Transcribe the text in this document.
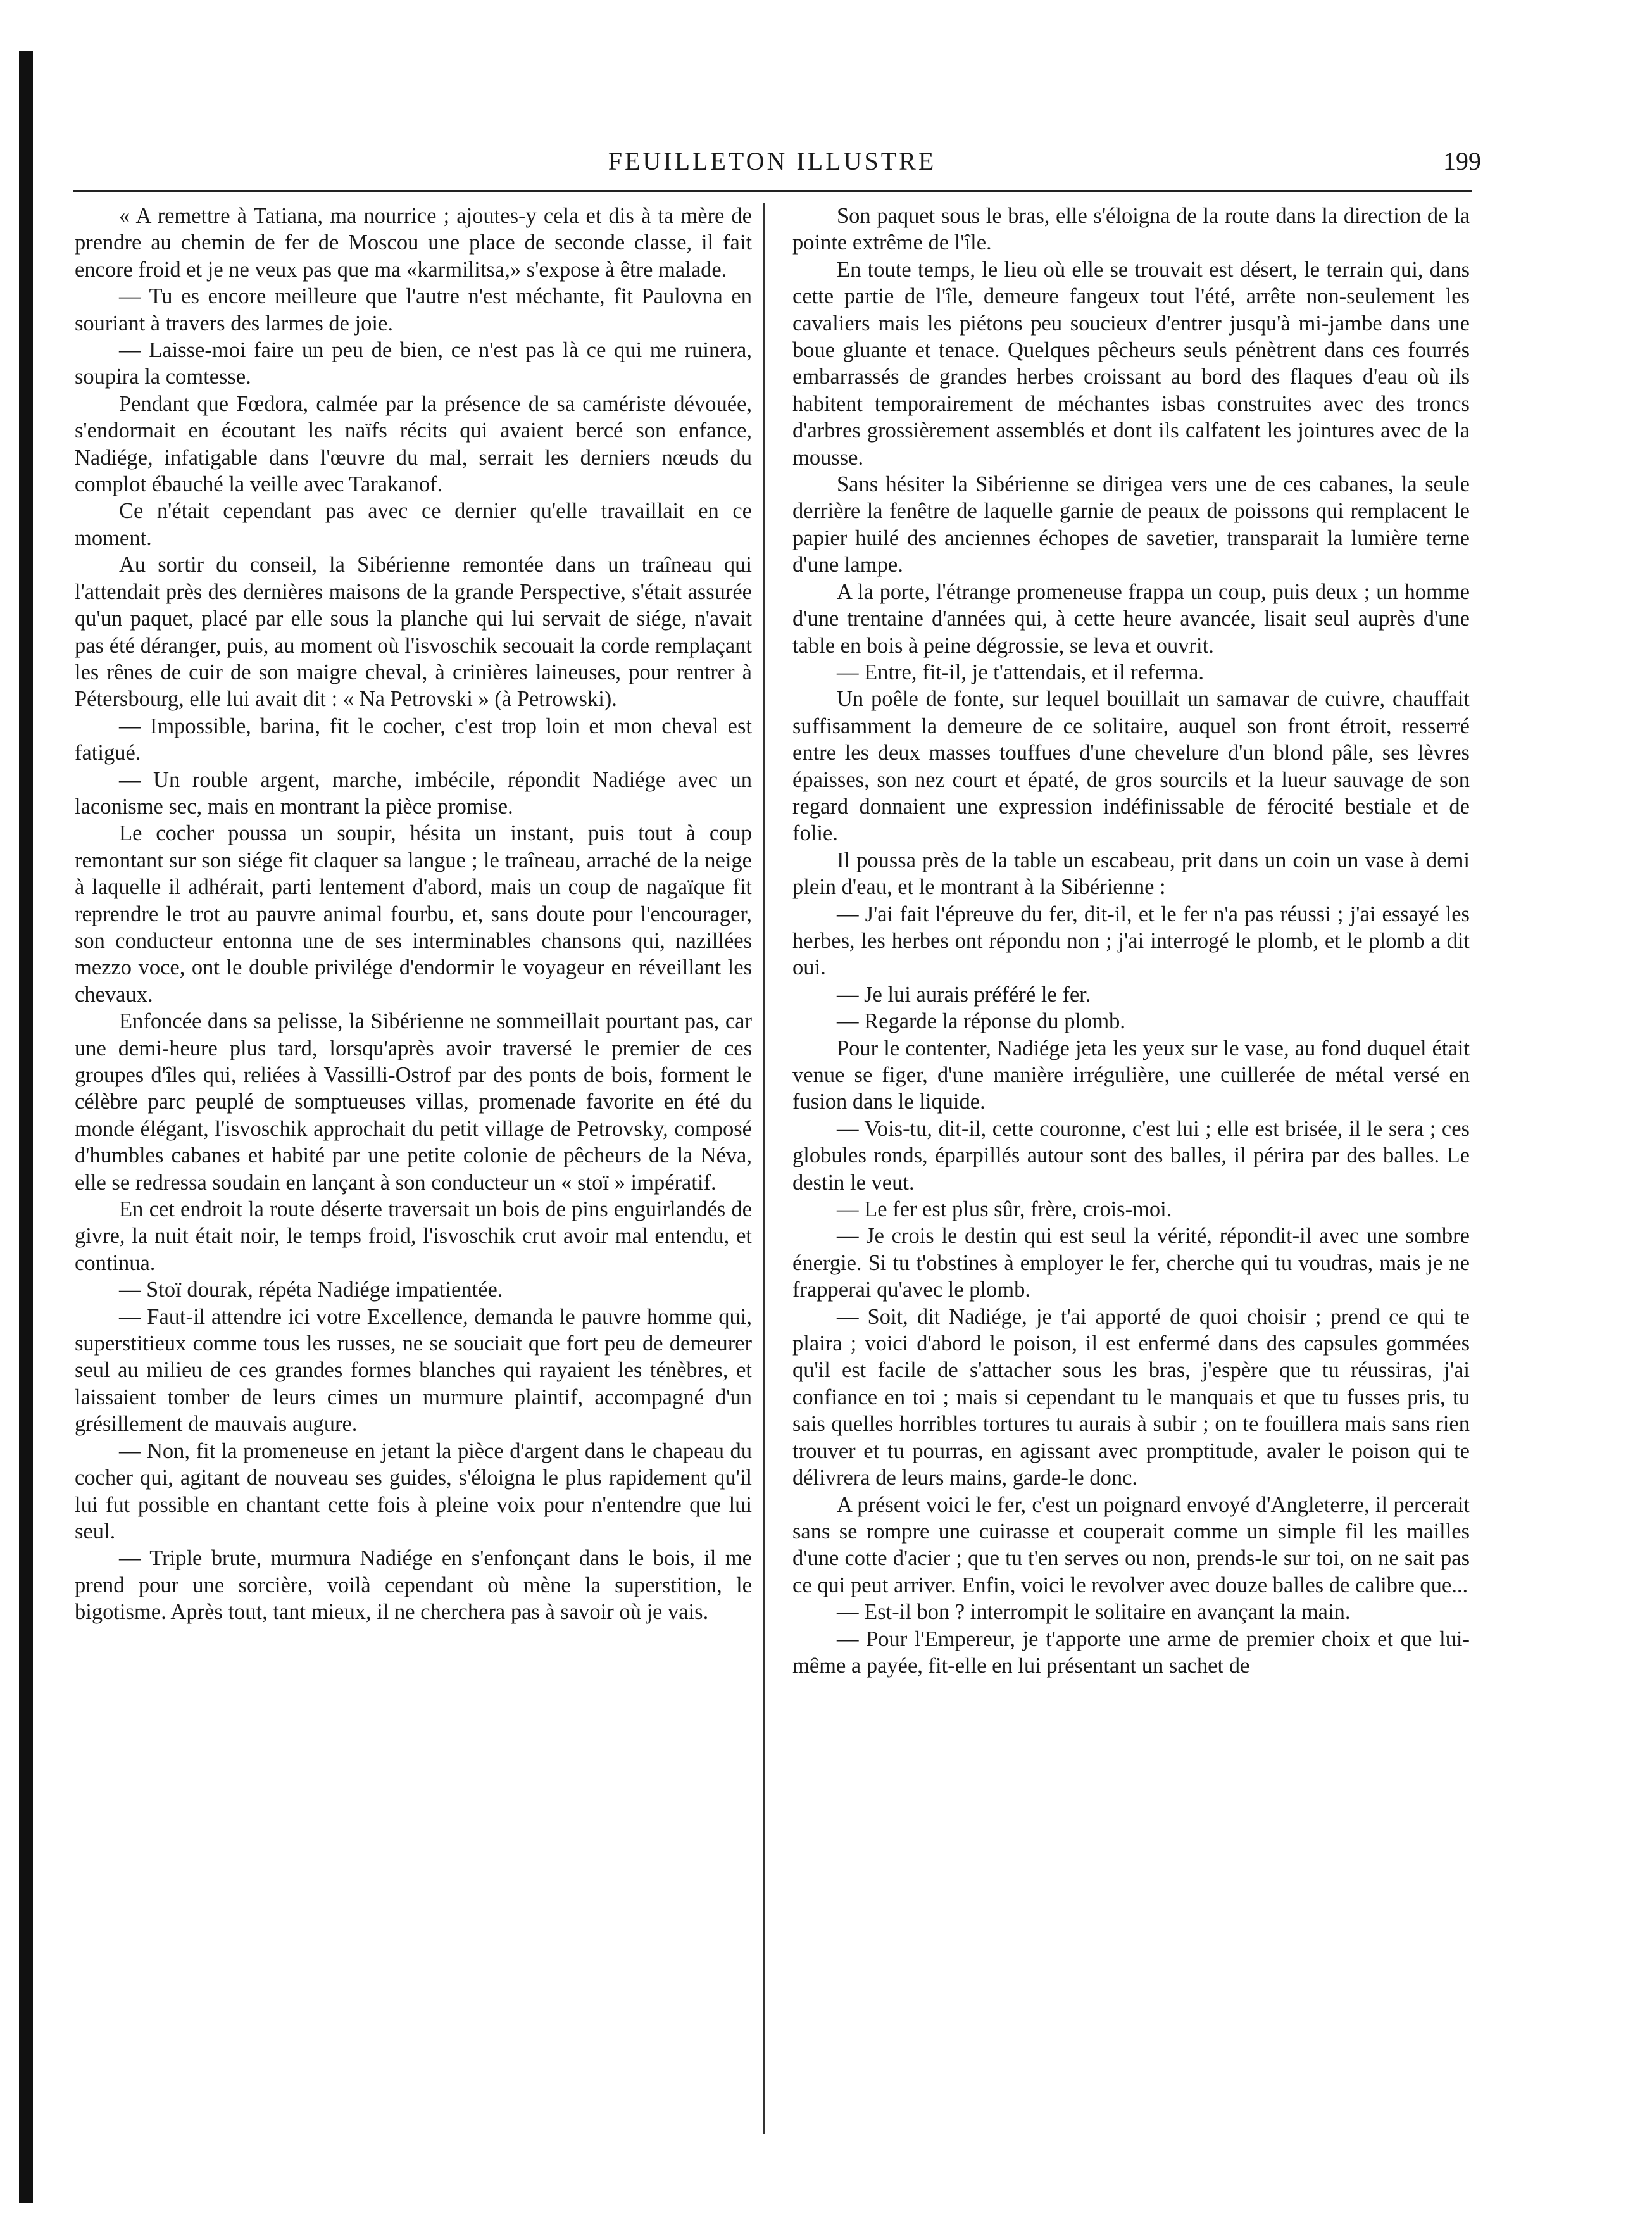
FEUILLETON ILLUSTRE	199

« A remettre à Tatiana, ma nourrice ; ajoutes-y cela et dis à ta mère de prendre au chemin de fer de Moscou une place de seconde classe, il fait encore froid et je ne veux pas que ma «karmilitsa,» s'expose à être malade.

— Tu es encore meilleure que l'autre n'est méchante, fit Paulovna en souriant à travers des larmes de joie.

— Laisse-moi faire un peu de bien, ce n'est pas là ce qui me ruinera, soupira la comtesse.

Pendant que Fœdora, calmée par la présence de sa camériste dévouée, s'endormait en écoutant les naïfs récits qui avaient bercé son enfance, Nadiége, infatigable dans l'œuvre du mal, serrait les derniers nœuds du complot ébauché la veille avec Tarakanof.

Ce n'était cependant pas avec ce dernier qu'elle travaillait en ce moment.

Au sortir du conseil, la Sibérienne remontée dans un traîneau qui l'attendait près des dernières maisons de la grande Perspective, s'était assurée qu'un paquet, placé par elle sous la planche qui lui servait de siége, n'avait pas été déranger, puis, au moment où l'isvoschik secouait la corde remplaçant les rênes de cuir de son maigre cheval, à crinières laineuses, pour rentrer à Pétersbourg, elle lui avait dit : « Na Petrovski » (à Petrowski).

— Impossible, barina, fit le cocher, c'est trop loin et mon cheval est fatigué.

— Un rouble argent, marche, imbécile, répondit Nadiége avec un laconisme sec, mais en montrant la pièce promise.

Le cocher poussa un soupir, hésita un instant, puis tout à coup remontant sur son siége fit claquer sa langue ; le traîneau, arraché de la neige à laquelle il adhérait, parti lentement d'abord, mais un coup de nagaïque fit reprendre le trot au pauvre animal fourbu, et, sans doute pour l'encourager, son conducteur entonna une de ses interminables chansons qui, nazillées mezzo voce, ont le double privilége d'endormir le voyageur en réveillant les chevaux.

Enfoncée dans sa pelisse, la Sibérienne ne sommeillait pourtant pas, car une demi-heure plus tard, lorsqu'après avoir traversé le premier de ces groupes d'îles qui, reliées à Vassilli-Ostrof par des ponts de bois, forment le célèbre parc peuplé de somptueuses villas, promenade favorite en été du monde élégant, l'isvoschik approchait du petit village de Petrovsky, composé d'humbles cabanes et habité par une petite colonie de pêcheurs de la Néva, elle se redressa soudain en lançant à son conducteur un « stoï » impératif.

En cet endroit la route déserte traversait un bois de pins enguirlandés de givre, la nuit était noir, le temps froid, l'isvoschik crut avoir mal entendu, et continua.

— Stoï dourak, répéta Nadiége impatientée.

— Faut-il attendre ici votre Excellence, demanda le pauvre homme qui, superstitieux comme tous les russes, ne se souciait que fort peu de demeurer seul au milieu de ces grandes formes blanches qui rayaient les ténèbres, et laissaient tomber de leurs cimes un murmure plaintif, accompagné d'un grésillement de mauvais augure.

— Non, fit la promeneuse en jetant la pièce d'argent dans le chapeau du cocher qui, agitant de nouveau ses guides, s'éloigna le plus rapidement qu'il lui fut possible en chantant cette fois à pleine voix pour n'entendre que lui seul.

— Triple brute, murmura Nadiége en s'enfonçant dans le bois, il me prend pour une sorcière, voilà cependant où mène la superstition, le bigotisme. Après tout, tant mieux, il ne cherchera pas à savoir où je vais.

Son paquet sous le bras, elle s'éloigna de la route dans la direction de la pointe extrême de l'île.

En toute temps, le lieu où elle se trouvait est désert, le terrain qui, dans cette partie de l'île, demeure fangeux tout l'été, arrête non-seulement les cavaliers mais les piétons peu soucieux d'entrer jusqu'à mi-jambe dans une boue gluante et tenace. Quelques pêcheurs seuls pénètrent dans ces fourrés embarrassés de grandes herbes croissant au bord des flaques d'eau où ils habitent temporairement de méchantes isbas construites avec des troncs d'arbres grossièrement assemblés et dont ils calfatent les jointures avec de la mousse.

Sans hésiter la Sibérienne se dirigea vers une de ces cabanes, la seule derrière la fenêtre de laquelle garnie de peaux de poissons qui remplacent le papier huilé des anciennes échopes de savetier, transparait la lumière terne d'une lampe.

A la porte, l'étrange promeneuse frappa un coup, puis deux ; un homme d'une trentaine d'années qui, à cette heure avancée, lisait seul auprès d'une table en bois à peine dégrossie, se leva et ouvrit.

— Entre, fit-il, je t'attendais, et il referma.

Un poêle de fonte, sur lequel bouillait un samavar de cuivre, chauffait suffisamment la demeure de ce solitaire, auquel son front étroit, resserré entre les deux masses touffues d'une chevelure d'un blond pâle, ses lèvres épaisses, son nez court et épaté, de gros sourcils et la lueur sauvage de son regard donnaient une expression indéfinissable de férocité bestiale et de folie.

Il poussa près de la table un escabeau, prit dans un coin un vase à demi plein d'eau, et le montrant à la Sibérienne :

— J'ai fait l'épreuve du fer, dit-il, et le fer n'a pas réussi ; j'ai essayé les herbes, les herbes ont répondu non ; j'ai interrogé le plomb, et le plomb a dit oui.

— Je lui aurais préféré le fer.

— Regarde la réponse du plomb.

Pour le contenter, Nadiége jeta les yeux sur le vase, au fond duquel était venue se figer, d'une manière irrégulière, une cuillerée de métal versé en fusion dans le liquide.

— Vois-tu, dit-il, cette couronne, c'est lui ; elle est brisée, il le sera ; ces globules ronds, éparpillés autour sont des balles, il périra par des balles. Le destin le veut.

— Le fer est plus sûr, frère, crois-moi.

— Je crois le destin qui est seul la vérité, répondit-il avec une sombre énergie. Si tu t'obstines à employer le fer, cherche qui tu voudras, mais je ne frapperai qu'avec le plomb.

— Soit, dit Nadiége, je t'ai apporté de quoi choisir ; prend ce qui te plaira ; voici d'abord le poison, il est enfermé dans des capsules gommées qu'il est facile de s'attacher sous les bras, j'espère que tu réussiras, j'ai confiance en toi ; mais si cependant tu le manquais et que tu fusses pris, tu sais quelles horribles tortures tu aurais à subir ; on te fouillera mais sans rien trouver et tu pourras, en agissant avec promptitude, avaler le poison qui te délivrera de leurs mains, garde-le donc.

A présent voici le fer, c'est un poignard envoyé d'Angleterre, il percerait sans se rompre une cuirasse et couperait comme un simple fil les mailles d'une cotte d'acier ; que tu t'en serves ou non, prends-le sur toi, on ne sait pas ce qui peut arriver. Enfin, voici le revolver avec douze balles de calibre que...

— Est-il bon ? interrompit le solitaire en avançant la main.

— Pour l'Empereur, je t'apporte une arme de premier choix et que lui-même a payée, fit-elle en lui présentant un sachet de
